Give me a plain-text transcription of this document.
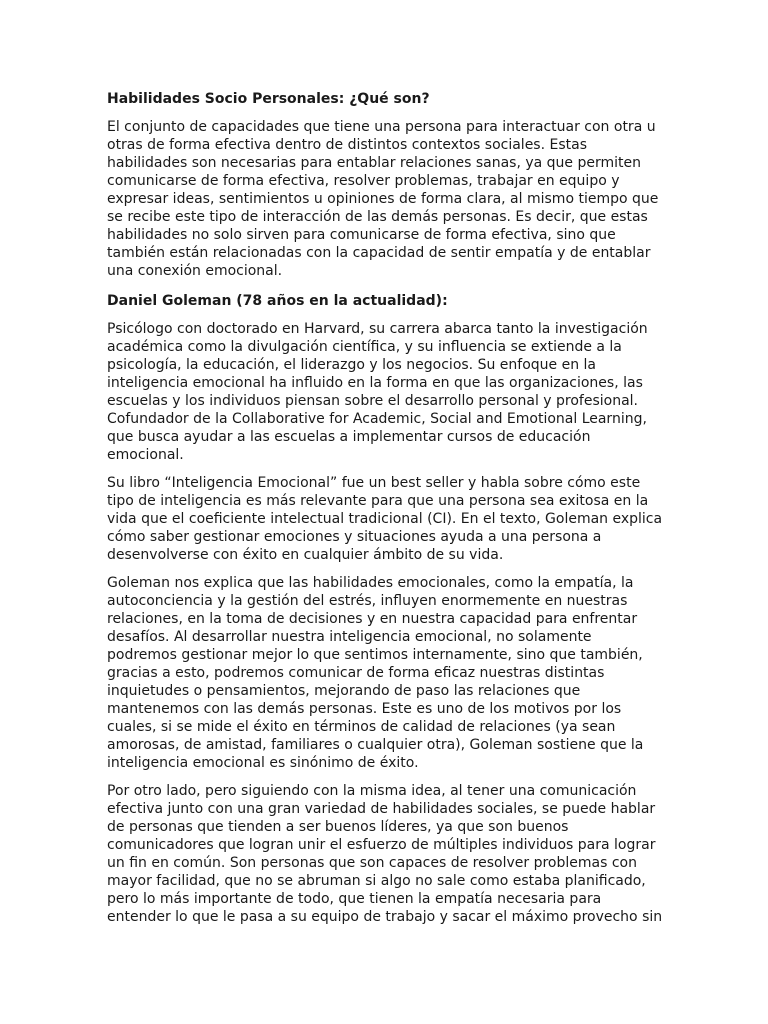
Habilidades Socio Personales: ¿Qué son?
El conjunto de capacidades que tiene una persona para interactuar con otra u otras de forma efectiva dentro de distintos contextos sociales. Estas habilidades son necesarias para entablar relaciones sanas, ya que permiten comunicarse de forma efectiva, resolver problemas, trabajar en equipo y expresar ideas, sentimientos u opiniones de forma clara, al mismo tiempo que se recibe este tipo de interacción de las demás personas. Es decir, que estas habilidades no solo sirven para comunicarse de forma efectiva, sino que también están relacionadas con la capacidad de sentir empatía y de entablar una conexión emocional.
Daniel Goleman (78 años en la actualidad):
Psicólogo con doctorado en Harvard, su carrera abarca tanto la investigación académica como la divulgación científica, y su influencia se extiende a la psicología, la educación, el liderazgo y los negocios. Su enfoque en la inteligencia emocional ha influido en la forma en que las organizaciones, las escuelas y los individuos piensan sobre el desarrollo personal y profesional. Cofundador de la Collaborative for Academic, Social and Emotional Learning, que busca ayudar a las escuelas a implementar cursos de educación emocional.
Su libro “Inteligencia Emocional” fue un best seller y habla sobre cómo este tipo de inteligencia es más relevante para que una persona sea exitosa en la vida que el coeficiente intelectual tradicional (CI). En el texto, Goleman explica cómo saber gestionar emociones y situaciones ayuda a una persona a desenvolverse con éxito en cualquier ámbito de su vida.
Goleman nos explica que las habilidades emocionales, como la empatía, la autoconciencia y la gestión del estrés, influyen enormemente en nuestras relaciones, en la toma de decisiones y en nuestra capacidad para enfrentar desafíos. Al desarrollar nuestra inteligencia emocional, no solamente podremos gestionar mejor lo que sentimos internamente, sino que también, gracias a esto, podremos comunicar de forma eficaz nuestras distintas inquietudes o pensamientos, mejorando de paso las relaciones que mantenemos con las demás personas. Este es uno de los motivos por los cuales, si se mide el éxito en términos de calidad de relaciones (ya sean amorosas, de amistad, familiares o cualquier otra), Goleman sostiene que la inteligencia emocional es sinónimo de éxito.
Por otro lado, pero siguiendo con la misma idea, al tener una comunicación efectiva junto con una gran variedad de habilidades sociales, se puede hablar de personas que tienden a ser buenos líderes, ya que son buenos comunicadores que logran unir el esfuerzo de múltiples individuos para lograr un fin en común. Son personas que son capaces de resolver problemas con mayor facilidad, que no se abruman si algo no sale como estaba planificado, pero lo más importante de todo, que tienen la empatía necesaria para entender lo que le pasa a su equipo de trabajo y sacar el máximo provecho sin
